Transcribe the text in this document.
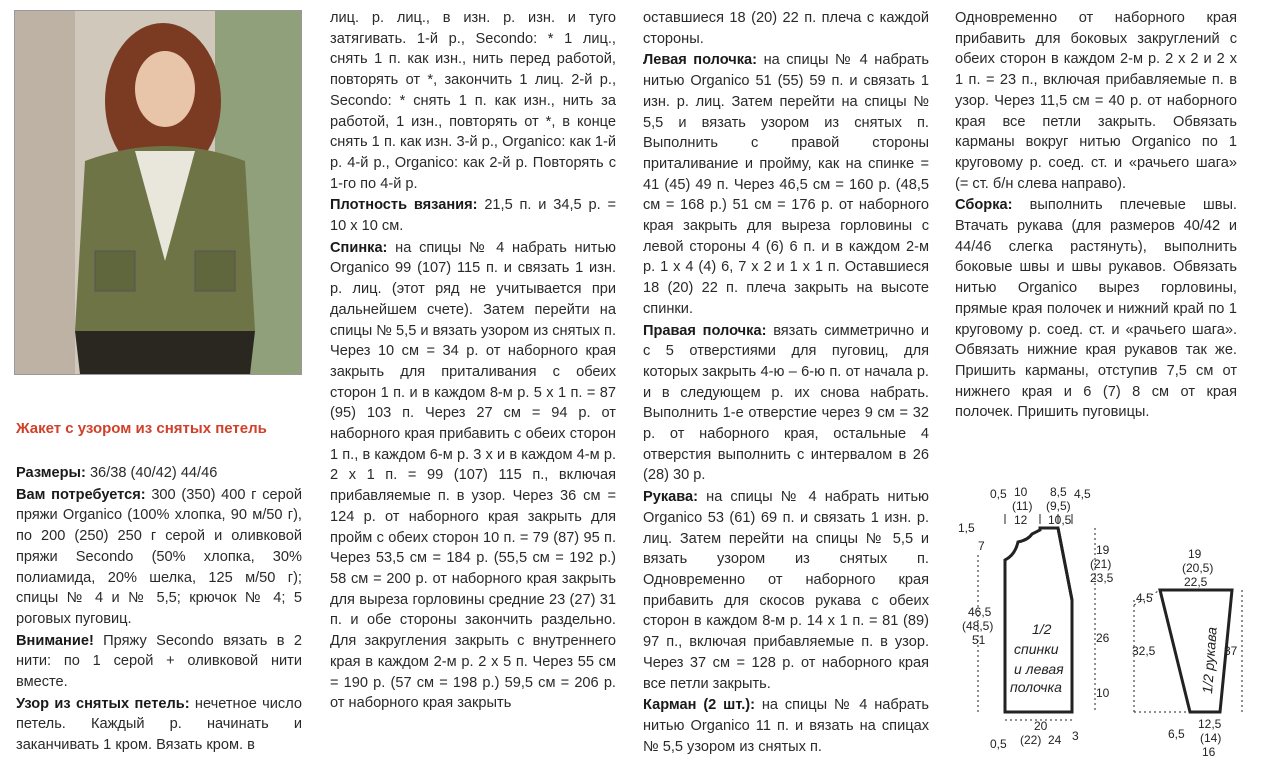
Жакет с узором из снятых петель

Размеры: 36/38 (40/42) 44/46

Вам потребуется: 300 (350) 400 г серой пряжи Organico (100% хлопка, 90 м/50 г), по 200 (250) 250 г серой и оливковой пряжи Secondo (50% хлопка, 30% полиамида, 20% шелка, 125 м/50 г); спицы № 4 и № 5,5; крючок № 4; 5 роговых пуговиц.

Внимание! Пряжу Secondo вязать в 2 нити: по 1 серой + оливковой нити вместе.

Узор из снятых петель: нечетное число петель. Каждый р. начинать и заканчивать 1 кром. Вязать кром. в

лиц. р. лиц., в изн. р. изн. и туго затягивать. 1-й р., Secondo: * 1 лиц., снять 1 п. как изн., нить перед работой, повторять от *, закончить 1 лиц. 2-й р., Secondo: * снять 1 п. как изн., нить за работой, 1 изн., повторять от *, в конце снять 1 п. как изн. 3-й р., Organico: как 1-й р. 4-й р., Organico: как 2-й р. Повторять с 1-го по 4-й р.

Плотность вязания: 21,5 п. и 34,5 р. = 10 х 10 см.

Спинка: на спицы № 4 набрать нитью Organico 99 (107) 115 п. и связать 1 изн. р. лиц. (этот ряд не учитывается при дальнейшем счете). Затем перейти на спицы № 5,5 и вязать узором из снятых п. Через 10 см = 34 р. от наборного края закрыть для приталивания с обеих сторон 1 п. и в каждом 8-м р. 5 х 1 п. = 87 (95) 103 п. Через 27 см = 94 р. от наборного края прибавить с обеих сторон 1 п., в каждом 6-м р. 3 х и в каждом 4-м р. 2 х 1 п. = 99 (107) 115 п., включая прибавляемые п. в узор. Через 36 см = 124 р. от наборного края закрыть для пройм с обеих сторон 10 п. = 79 (87) 95 п. Через 53,5 см = 184 р. (55,5 см = 192 р.) 58 см = 200 р. от наборного края закрыть для выреза горловины средние 23 (27) 31 п. и обе стороны закончить раздельно. Для закругления закрыть с внутреннего края в каждом 2-м р. 2 х 5 п. Через 55 см = 190 р. (57 см = 198 р.) 59,5 см = 206 р. от наборного края закрыть

оставшиеся 18 (20) 22 п. плеча с каждой стороны.

Левая полочка: на спицы № 4 набрать нитью Organico 51 (55) 59 п. и связать 1 изн. р. лиц. Затем перейти на спицы № 5,5 и вязать узором из снятых п. Выполнить с правой стороны приталивание и пройму, как на спинке = 41 (45) 49 п. Через 46,5 см = 160 р. (48,5 см = 168 р.) 51 см = 176 р. от наборного края закрыть для выреза горловины с левой стороны 4 (6) 6 п. и в каждом 2-м р. 1 х 4 (4) 6, 7 х 2 и 1 х 1 п. Оставшиеся 18 (20) 22 п. плеча закрыть на высоте спинки.

Правая полочка: вязать симметрично и с 5 отверстиями для пуговиц, для которых закрыть 4-ю – 6-ю п. от начала р. и в следующем р. их снова набрать. Выполнить 1-е отверстие через 9 см = 32 р. от наборного края, остальные 4 отверстия выполнить с интервалом в 26 (28) 30 р.

Рукава: на спицы № 4 набрать нитью Organico 53 (61) 69 п. и связать 1 изн. р. лиц. Затем перейти на спицы № 5,5 и вязать узором из снятых п. Одновременно от наборного края прибавить для скосов рукава с обеих сторон в каждом 8-м р. 14 х 1 п. = 81 (89) 97 п., включая прибавляемые п. в узор. Через 37 см = 128 р. от наборного края все петли закрыть.

Карман (2 шт.): на спицы № 4 набрать нитью Organico 11 п. и вязать на спицах № 5,5 узором из снятых п.

Одновременно от наборного края прибавить для боковых закруглений с обеих сторон в каждом 2-м р. 2 х 2 и 2 х 1 п. = 23 п., включая прибавляемые п. в узор. Через 11,5 см = 40 р. от наборного края все петли закрыть. Обвязать карманы вокруг нитью Organico по 1 круговому р. соед. ст. и «рачьего шага» (= ст. б/н слева направо).

Сборка: выполнить плечевые швы. Втачать рукава (для размеров 40/42 и 44/46 слегка растянуть), выполнить боковые швы и швы рукавов. Обвязать нитью Organico вырез горловины, прямые края полочек и нижний край по 1 круговому р. соед. ст. и «рачьего шага». Обвязать нижние края рукавов так же. Пришить карманы, отступив 7,5 см от нижнего края и 6 (7) 8 см от края полочек. Пришить пуговицы.

0,5 10
(11)
12
8,5
(9,5)
10,5
4,5
1,5
7
46,5
(48,5)
51
19
(21)
23,5
26
10
0,5
20
(22) 24 3
1/2
спинки
и левая
полочка
19
(20,5)
22,5
4,5
32,5	37
6,5
12,5
(14)
16
1/2 рукава
